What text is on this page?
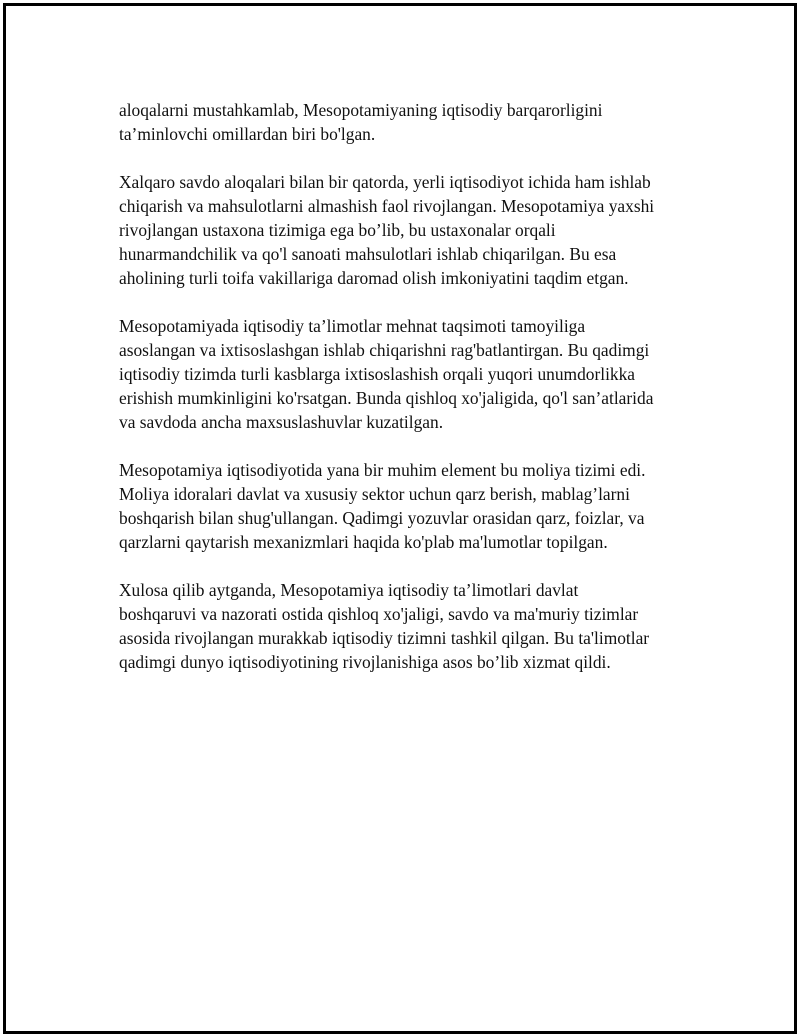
aloqalarni mustahkamlab, Mesopotamiyaning iqtisodiy barqarorligini
ta’minlovchi omillardan biri bo'lgan.

Xalqaro savdo aloqalari bilan bir qatorda, yerli iqtisodiyot ichida ham ishlab
chiqarish va mahsulotlarni almashish faol rivojlangan. Mesopotamiya yaxshi
rivojlangan ustaxona tizimiga ega bo’lib, bu ustaxonalar orqali
hunarmandchilik va qo'l sanoati mahsulotlari ishlab chiqarilgan. Bu esa
aholining turli toifa vakillariga daromad olish imkoniyatini taqdim etgan.

Mesopotamiyada iqtisodiy ta’limotlar mehnat taqsimoti tamoyiliga
asoslangan va ixtisoslashgan ishlab chiqarishni rag'batlantirgan. Bu qadimgi
iqtisodiy tizimda turli kasblarga ixtisoslashish orqali yuqori unumdorlikka
erishish mumkinligini ko'rsatgan. Bunda qishloq xo'jaligida, qo'l san’atlarida
va savdoda ancha maxsuslashuvlar kuzatilgan.

Mesopotamiya iqtisodiyotida yana bir muhim element bu moliya tizimi edi.
Moliya idoralari davlat va xususiy sektor uchun qarz berish, mablag’larni
boshqarish bilan shug'ullangan. Qadimgi yozuvlar orasidan qarz, foizlar, va
qarzlarni qaytarish mexanizmlari haqida ko'plab ma'lumotlar topilgan.

Xulosa qilib aytganda, Mesopotamiya iqtisodiy ta’limotlari davlat
boshqaruvi va nazorati ostida qishloq xo'jaligi, savdo va ma'muriy tizimlar
asosida rivojlangan murakkab iqtisodiy tizimni tashkil qilgan. Bu ta'limotlar
qadimgi dunyo iqtisodiyotining rivojlanishiga asos bo’lib xizmat qildi.
